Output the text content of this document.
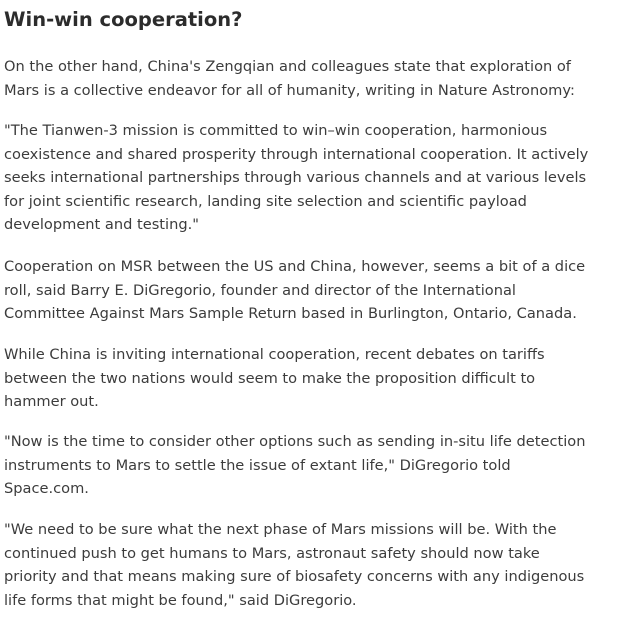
Win-win cooperation?

On the other hand, China's Zengqian and colleagues state that exploration of
Mars is a collective endeavor for all of humanity, writing in Nature Astronomy:

"The Tianwen-3 mission is committed to win–win cooperation, harmonious
coexistence and shared prosperity through international cooperation. It actively
seeks international partnerships through various channels and at various levels
for joint scientific research, landing site selection and scientific payload
development and testing."

Cooperation on MSR between the US and China, however, seems a bit of a dice
roll, said Barry E. DiGregorio, founder and director of the International
Committee Against Mars Sample Return based in Burlington, Ontario, Canada.

While China is inviting international cooperation, recent debates on tariffs
between the two nations would seem to make the proposition difficult to
hammer out.

"Now is the time to consider other options such as sending in-situ life detection
instruments to Mars to settle the issue of extant life," DiGregorio told
Space.com.

"We need to be sure what the next phase of Mars missions will be. With the
continued push to get humans to Mars, astronaut safety should now take
priority and that means making sure of biosafety concerns with any indigenous
life forms that might be found," said DiGregorio.
